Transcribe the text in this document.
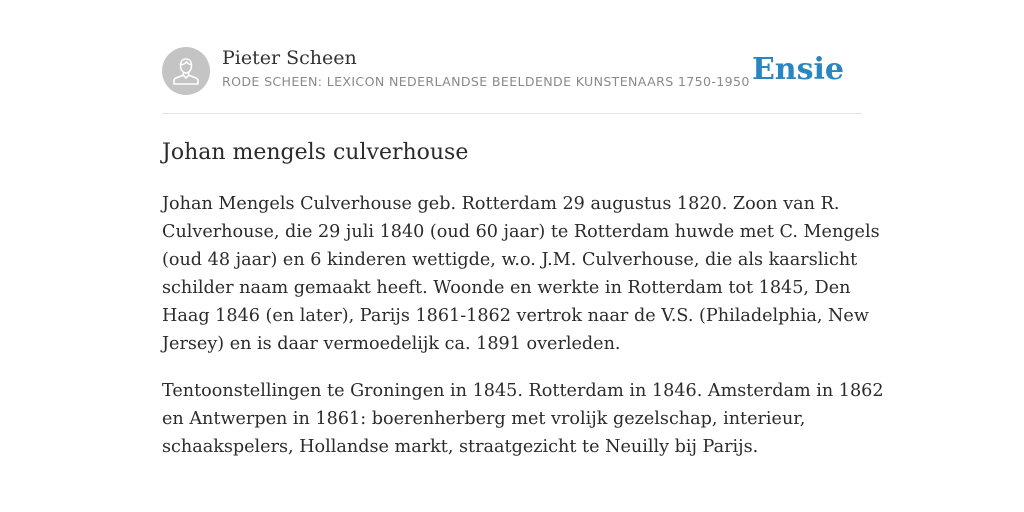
Pieter Scheen
RODE SCHEEN: LEXICON NEDERLANDSE BEELDENDE KUNSTENAARS 1750-1950 Ensie
Johan mengels culverhouse

Johan Mengels Culverhouse geb. Rotterdam 29 augustus 1820. Zoon van R.
Culverhouse, die 29 juli 1840 (oud 60 jaar) te Rotterdam huwde met C. Mengels
(oud 48 jaar) en 6 kinderen wettigde, w.o. J.M. Culverhouse, die als kaarslicht
schilder naam gemaakt heeft. Woonde en werkte in Rotterdam tot 1845, Den
Haag 1846 (en later), Parijs 1861-1862 vertrok naar de V.S. (Philadelphia, New
Jersey) en is daar vermoedelijk ca. 1891 overleden.

Tentoonstellingen te Groningen in 1845. Rotterdam in 1846. Amsterdam in 1862
en Antwerpen in 1861: boerenherberg met vrolijk gezelschap, interieur,
schaakspelers, Hollandse markt, straatgezicht te Neuilly bij Parijs.
